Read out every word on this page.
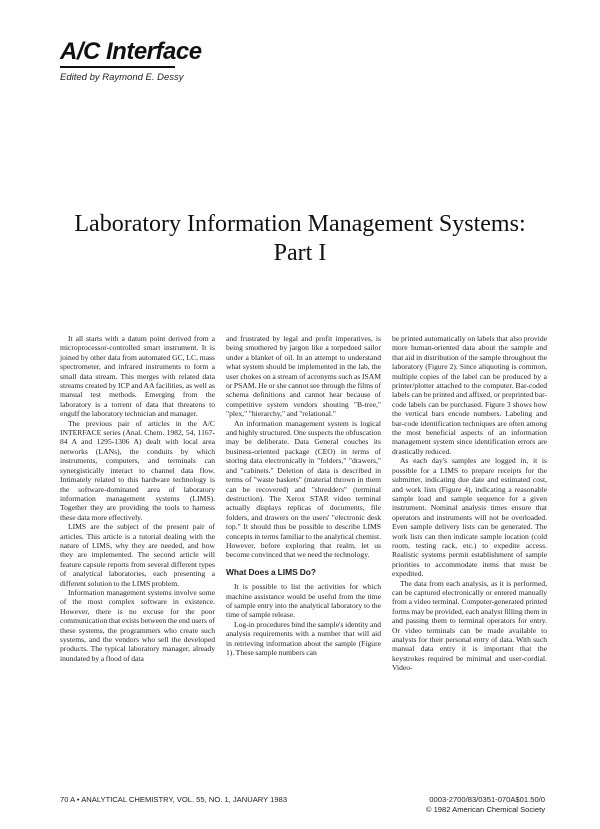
A/C Interface

Edited by Raymond E. Dessy

Laboratory Information Management Systems:
Part I

It all starts with a datum point derived from a microprocessor-controlled smart instrument. It is joined by other data from automated GC, LC, mass spectrometer, and infrared instruments to form a small data stream. This merges with related data streams created by ICP and AA facilities, as well as manual test methods. Emerging from the laboratory is a torrent of data that threatens to engulf the laboratory technician and manager.

The previous pair of articles in the A/C INTERFACE series (Anal. Chem. 1982, 54, 1167-84 A and 1295-1306 A) dealt with local area networks (LANs), the conduits by which instruments, computers, and terminals can synergistically interact to channel data flow. Intimately related to this hardware technology is the software-dominated area of laboratory information management systems (LIMS). Together they are providing the tools to harness these data more effectively.

LIMS are the subject of the present pair of articles. This article is a tutorial dealing with the nature of LIMS, why they are needed, and how they are implemented. The second article will feature capsule reports from several different types of analytical laboratories, each presenting a different solution to the LIMS problem.

Information management systems involve some of the most complex software in existence. However, there is no excuse for the poor communication that exists between the end users of these systems, the programmers who create such systems, and the vendors who sell the developed products. The typical laboratory manager, already inundated by a flood of data

and frustrated by legal and profit imperatives, is being smothered by jargon like a torpedoed sailor under a blanket of oil. In an attempt to understand what system should be implemented in the lab, the user chokes on a stream of acronyms such as ISAM or PSAM. He or she cannot see through the films of schema definitions and cannot hear because of competitive system vendors shouting "B-tree," "plex," "hierarchy," and "relational."

An information management system is logical and highly structured. One suspects the obfuscation may be deliberate. Data General couches its business-oriented package (CEO) in terms of storing data electronically in "folders," "drawers," and "cabinets." Deletion of data is described in terms of "waste baskets" (material thrown in them can be recovered) and "shredders" (terminal destruction). The Xerox STAR video terminal actually displays replicas of documents, file folders, and drawers on the users' "electronic desk top." It should thus be possible to describe LIMS concepts in terms familiar to the analytical chemist. However, before exploring that realm, let us become convinced that we need the technology.

What Does a LIMS Do?

It is possible to list the activities for which machine assistance would be useful from the time of sample entry into the analytical laboratory to the time of sample release.

Log-in procedures bind the sample's identity and analysis requirements with a number that will aid in retrieving information about the sample (Figure 1). These sample numbers can

be printed automatically on labels that also provide more human-oriented data about the sample and that aid in distribution of the sample throughout the laboratory (Figure 2). Since aliquoting is common, multiple copies of the label can be produced by a printer/plotter attached to the computer. Bar-coded labels can be printed and affixed, or preprinted bar-code labels can be purchased. Figure 3 shows how the vertical bars encode numbers. Labeling and bar-code identification techniques are often among the most beneficial aspects of an information management system since identification errors are drastically reduced.

As each day's samples are logged in, it is possible for a LIMS to prepare receipts for the submitter, indicating due date and estimated cost, and work lists (Figure 4), indicating a reasonable sample load and sample sequence for a given instrument. Nominal analysis times ensure that operators and instruments will not be overloaded. Even sample delivery lists can be generated. The work lists can then indicate sample location (cold room, testing rack, etc.) to expedite access. Realistic systems permit establishment of sample priorities to accommodate items that must be expedited.

The data from each analysis, as it is performed, can be captured electronically or entered manually from a video terminal. Computer-generated printed forms may be provided, each analyst filling them in and passing them to terminal operators for entry. Or video terminals can be made available to analysts for their personal entry of data. With such manual data entry it is important that the keystrokes required be minimal and user-cordial. Video-

70 A • ANALYTICAL CHEMISTRY, VOL. 55, NO. 1, JANUARY 1983	0003-2700/83/0351-070A$01.50/0
© 1982 American Chemical Society
